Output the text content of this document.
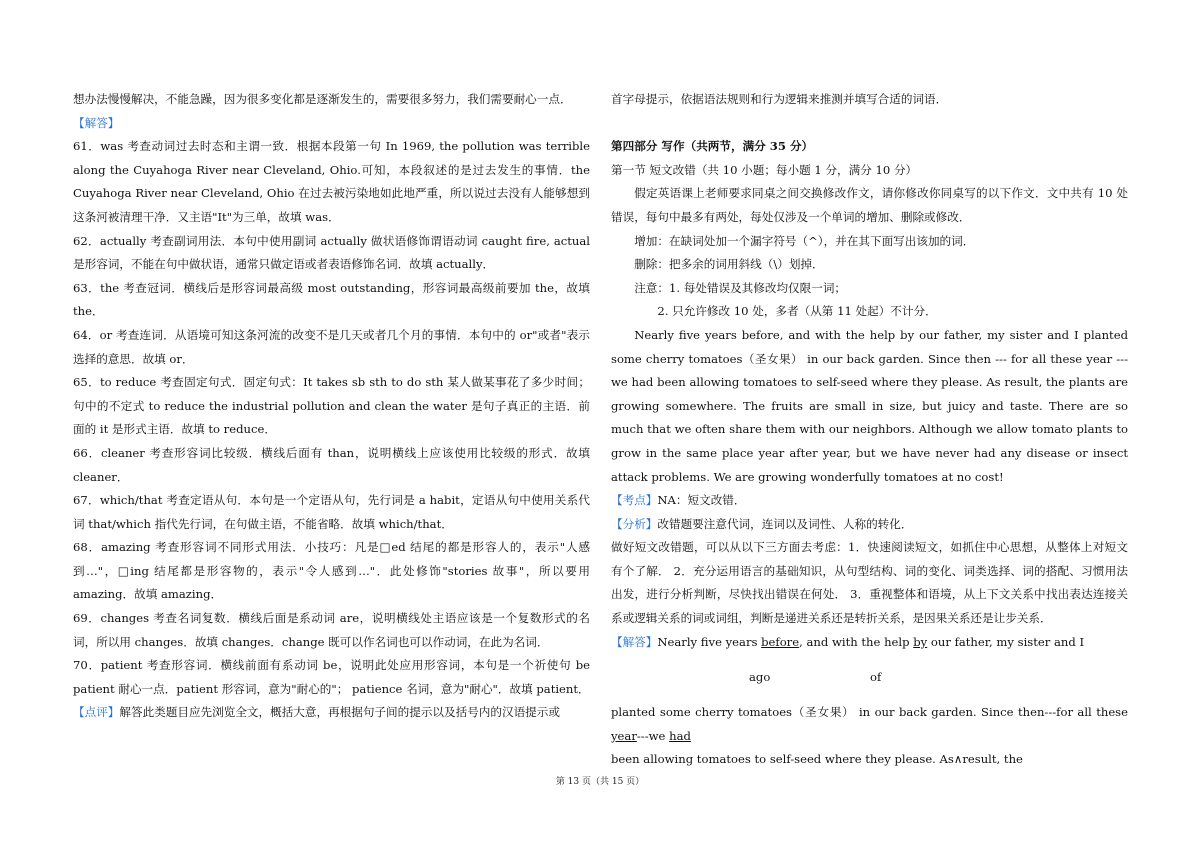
想办法慢慢解决，不能急躁，因为很多变化都是逐渐发生的，需要很多努力，我们需要耐心一点．

【解答】

61．was 考查动词过去时态和主谓一致．根据本段第一句 In 1969, the pollution was terrible along the Cuyahoga River near Cleveland, Ohio.可知，本段叙述的是过去发生的事情．the Cuyahoga River near Cleveland, Ohio 在过去被污染地如此地严重，所以说过去没有人能够想到这条河被清理干净．又主语"It"为三单，故填 was．

62．actually 考查副词用法．本句中使用副词 actually 做状语修饰谓语动词 caught fire, actual 是形容词，不能在句中做状语，通常只做定语或者表语修饰名词．故填 actually．

63．the 考查冠词．横线后是形容词最高级 most outstanding，形容词最高级前要加 the，故填 the．

64．or 考查连词．从语境可知这条河流的改变不是几天或者几个月的事情．本句中的 or"或者"表示选择的意思．故填 or．

65．to reduce 考查固定句式．固定句式：It takes sb sth to do sth 某人做某事花了多少时间；句中的不定式 to reduce the industrial pollution and clean the water 是句子真正的主语．前面的 it 是形式主语．故填 to reduce．

66．cleaner 考查形容词比较级．横线后面有 than，说明横线上应该使用比较级的形式．故填 cleaner．

67．which/that 考查定语从句．本句是一个定语从句，先行词是 a habit，定语从句中使用关系代词 that/which 指代先行词，在句做主语，不能省略．故填 which/that．

68．amazing 考查形容词不同形式用法．小技巧：凡是□ed 结尾的都是形容人的，表示"人感到…"，□ing 结尾都是形容物的，表示"令人感到…"．此处修饰"stories 故事"，所以要用 amazing．故填 amazing．

69．changes 考查名词复数．横线后面是系动词 are，说明横线处主语应该是一个复数形式的名词，所以用 changes．故填 changes．change 既可以作名词也可以作动词，在此为名词．

70．patient 考查形容词．横线前面有系动词 be，说明此处应用形容词，本句是一个祈使句 be patient 耐心一点．patient 形容词，意为"耐心的"； patience 名词，意为"耐心"．故填 patient．

【点评】解答此类题目应先浏览全文，概括大意，再根据句子间的提示以及括号内的汉语提示或

首字母提示，依据语法规则和行为逻辑来推测并填写合适的词语．

第四部分 写作（共两节，满分 35 分）

第一节 短文改错（共 10 小题；每小题 1 分，满分 10 分）

假定英语课上老师要求同桌之间交换修改作文，请你修改你同桌写的以下作文．文中共有 10 处错误，每句中最多有两处，每处仅涉及一个单词的增加、删除或修改．

增加：在缺词处加一个漏字符号（^），并在其下面写出该加的词．

删除：把多余的词用斜线（\）划掉．

注意：1. 每处错误及其修改均仅限一词；

2. 只允许修改 10 处，多者（从第 11 处起）不计分．

Nearly five years before, and with the help by our father, my sister and I planted some cherry tomatoes（圣女果） in our back garden. Since then --- for all these year --- we had been allowing tomatoes to self-seed where they please. As result, the plants are growing somewhere. The fruits are small in size, but juicy and taste. There are so much that we often share them with our neighbors. Although we allow tomato plants to grow in the same place year after year, but we have never had any disease or insect attack problems. We are growing wonderfully tomatoes at no cost!

【考点】NA：短文改错．

【分析】改错题要注意代词，连词以及词性、人称的转化．

做好短文改错题，可以从以下三方面去考虑：1．快速阅读短文，如抓住中心思想，从整体上对短文有个了解． 2．充分运用语言的基础知识，从句型结构、词的变化、词类选择、词的搭配、习惯用法出发，进行分析判断，尽快找出错误在何处． 3．重视整体和语境，从上下文关系中找出表达连接关系或逻辑关系的词或词组，判断是递进关系还是转折关系，是因果关系还是让步关系．

【解答】Nearly five years before, and with the help by our father, my sister and I

ago	of

planted some cherry tomatoes（圣女果） in our back garden. Since then---for all these year---we had

been allowing tomatoes to self-seed where they please. As∧result, the

第 13 页（共 15 页）
